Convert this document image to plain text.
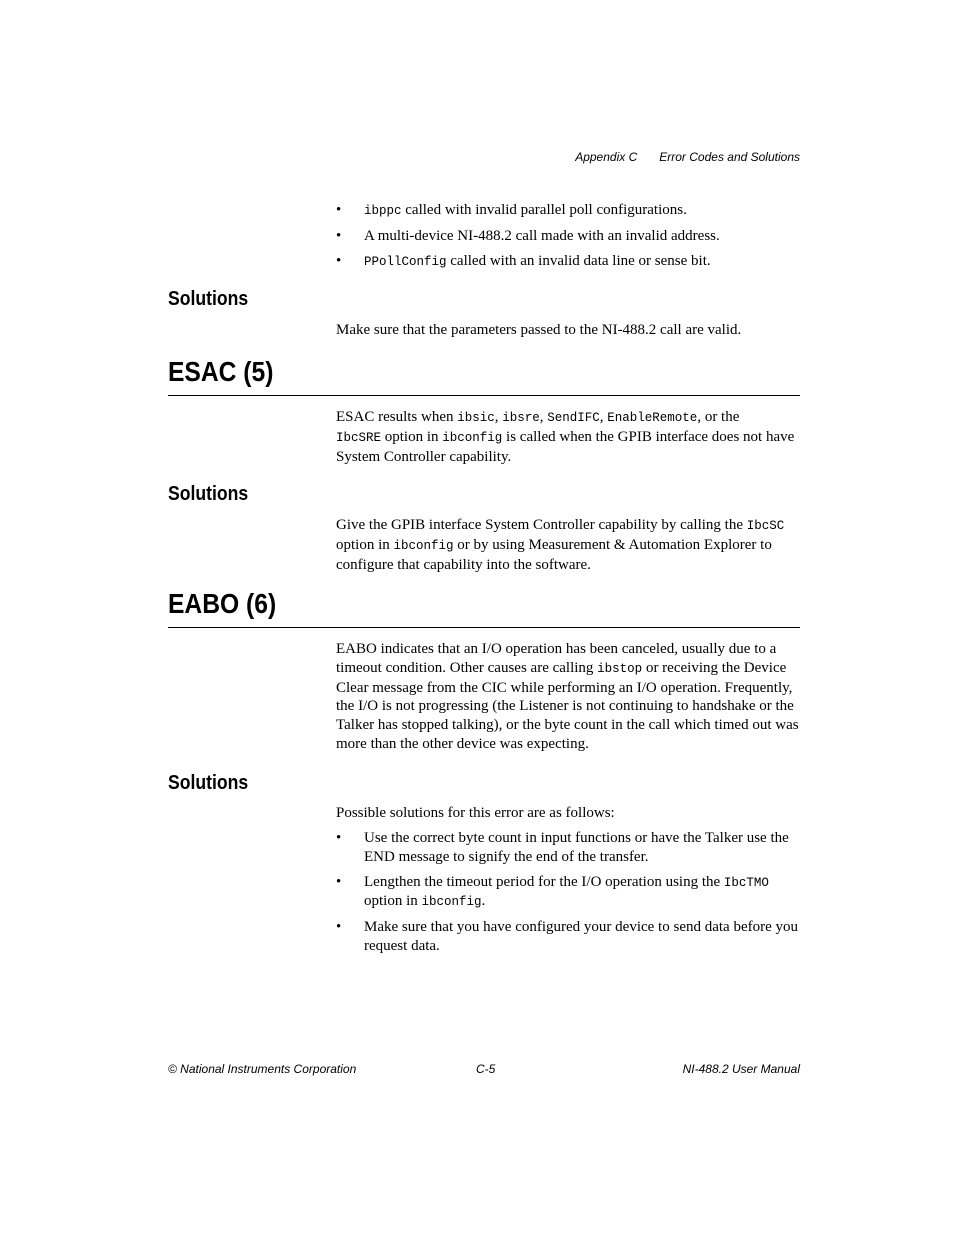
Appendix C Error Codes and Solutions
• ibppc called with invalid parallel poll configurations.
• A multi-device NI-488.2 call made with an invalid address.
• PPollConfig called with an invalid data line or sense bit.
Solutions

Make sure that the parameters passed to the NI-488.2 call are valid.

ESAC (5)

ESAC results when ibsic, ibsre, SendIFC, EnableRemote, or the
IbcSRE option in ibconfig is called when the GPIB interface does not have System Controller capability.

Solutions

Give the GPIB interface System Controller capability by calling the IbcSC
option in ibconfig or by using Measurement & Automation Explorer to configure that capability into the software.

EABO (6)

EABO indicates that an I/O operation has been canceled, usually due to a timeout condition. Other causes are calling ibstop or receiving the Device Clear message from the CIC while performing an I/O operation. Frequently, the I/O is not progressing (the Listener is not continuing to handshake or the Talker has stopped talking), or the byte count in the call which timed out was more than the other device was expecting.

Solutions

Possible solutions for this error are as follows:

• Use the correct byte count in input functions or have the Talker use the END message to signify the end of the transfer.
• Lengthen the timeout period for the I/O operation using the IbcTMO
option in ibconfig.
• Make sure that you have configured your device to send data before you request data.
© National Instruments Corporation	C-5	NI-488.2 User Manual
